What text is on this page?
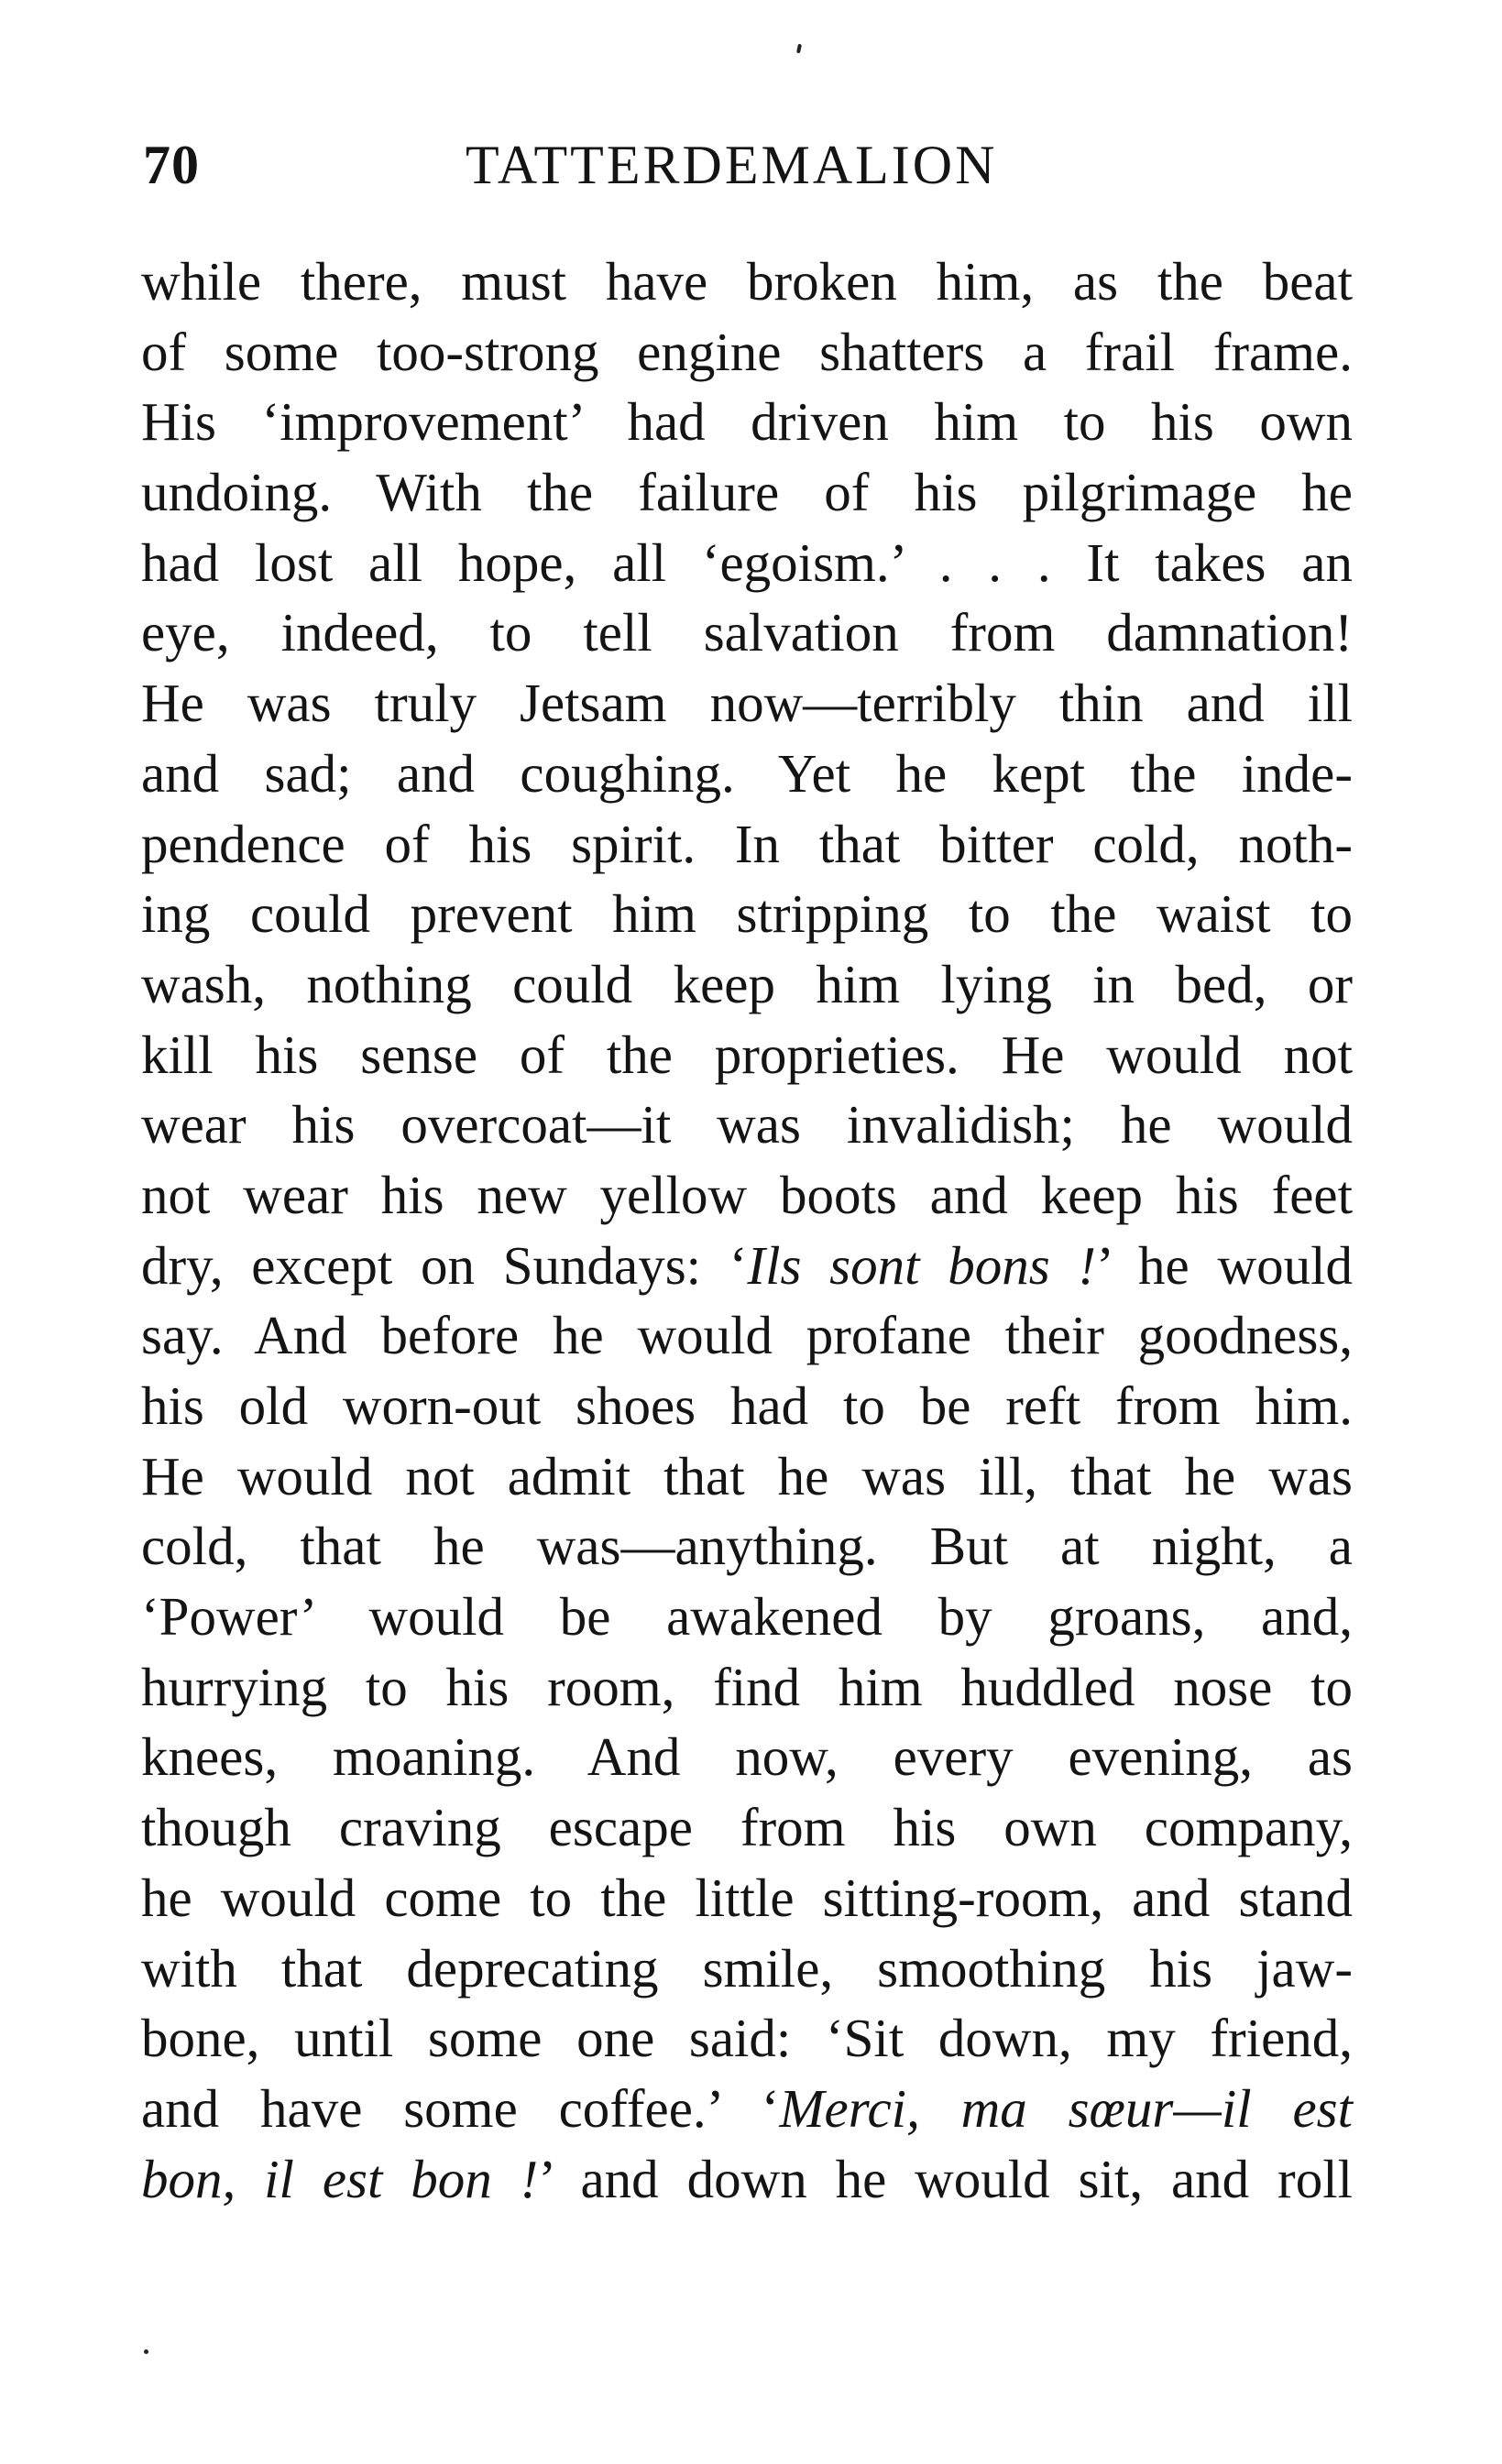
70	TATTERDEMALION
while there, must have broken him, as the beat
of some too-strong engine shatters a frail frame.
His ‘improvement’ had driven him to his own
undoing. With the failure of his pilgrimage he
had lost all hope, all ‘egoism.’ . . . It takes an
eye, indeed, to tell salvation from damnation!
He was truly Jetsam now—terribly thin and ill
and sad; and coughing. Yet he kept the inde-
pendence of his spirit. In that bitter cold, noth-
ing could prevent him stripping to the waist to
wash, nothing could keep him lying in bed, or
kill his sense of the proprieties. He would not
wear his overcoat—it was invalidish; he would
not wear his new yellow boots and keep his feet
dry, except on Sundays: ‘Ils sont bons !’ he would
say. And before he would profane their goodness,
his old worn-out shoes had to be reft from him.
He would not admit that he was ill, that he was
cold, that he was—anything. But at night, a
‘Power’ would be awakened by groans, and,
hurrying to his room, find him huddled nose to
knees, moaning. And now, every evening, as
though craving escape from his own company,
he would come to the little sitting-room, and stand
with that deprecating smile, smoothing his jaw-
bone, until some one said: ‘Sit down, my friend,
and have some coffee.’ ‘Merci, ma sœur—il est
bon, il est bon !’ and down he would sit, and roll
